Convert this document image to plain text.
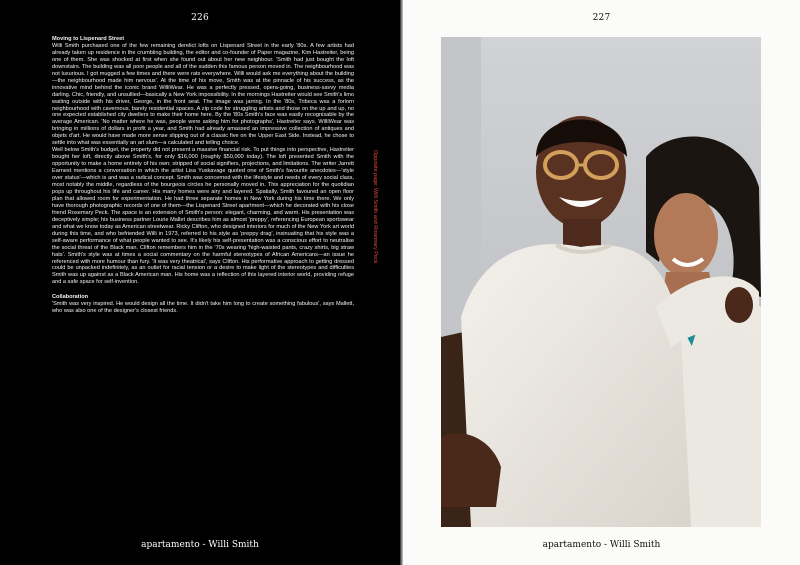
226

Moving to Lispenard Street

Willi Smith purchased one of the few remaining derelict lofts on Lispenard Street in the early '80s. A few artists had already taken up residence in the crumbling building, the editor and co-founder of Paper magazine, Kim Hastreiter, being one of them. She was shocked at first when she found out about her new neighbour. 'Smith had just bought the loft downstairs. The building was all poor people and all of the sudden this famous person moved in. The neighbourhood was not luxurious. I got mugged a few times and there were rats everywhere. Willi would ask me everything about the building—the neighbourhood made him nervous'. At the time of his move, Smith was at the pinnacle of his success, as the innovative mind behind the iconic brand WilliWear. He was a perfectly pressed, opera-going, business-savvy media darling. Chic, friendly, and unsullied—basically a New York impossibility. In the mornings Hastreiter would see Smith's limo waiting outside with his driver, George, in the front seat. The image was jarring. In the '80s, Tribeca was a forlorn neighbourhood with cavernous, barely residential spaces. A zip code for struggling artists and those on the up and up, no one expected established city dwellers to make their home here. By the '80s Smith's face was easily recognisable by the average American. 'No matter where he was, people were asking him for photographs', Hastreiter says. WilliWear was bringing in millions of dollars in profit a year, and Smith had already amassed an impressive collection of antiques and objets d'art. He would have made more sense slipping out of a classic five on the Upper East Side. Instead, he chose to settle into what was essentially an art slum—a calculated and telling choice.

Well below Smith's budget, the property did not present a massive financial risk. To put things into perspective, Hastreiter bought her loft, directly above Smith's, for only $16,000 (roughly $50,000 today). The loft presented Smith with the opportunity to make a home entirely of his own; stripped of social signifiers, projections, and limitations. The writer Jarrett Earnest mentions a conversation in which the artist Lisa Yuskavage quoted one of Smith's favourite anecdotes—'style over status'—which is and was a radical concept. Smith was concerned with the lifestyle and needs of every social class, most notably the middle, regardless of the bourgeois circles he personally moved in. This appreciation for the quotidian pops up throughout his life and career. His many homes were airy and layered. Spatially, Smith favoured an open floor plan that allowed room for experimentation. He had three separate homes in New York during his time there. We only have thorough photographic records of one of them—the Lispenard Street apartment—which he decorated with his close friend Rosemary Peck. The space is an extension of Smith's person: elegant, charming, and warm. His presentation was deceptively simple; his business partner Lourie Mallet describes him as almost 'preppy', referencing European sportswear and what we know today as American streetwear. Ricky Clifton, who designed interiors for much of the New York art world during this time, and who befriended Willi in 1973, referred to his style as 'preppy drag', insinuating that his style was a self-aware performance of what people wanted to see. It's likely his self-presentation was a conscious effort to neutralise the social threat of the Black man. Clifton remembers him in the '70s wearing 'high-waisted pants, crazy shirts, big straw hats'. Smith's style was at times a social commentary on the harmful stereotypes of African Americans—an issue he referenced with more humour than fury. 'It was very theatrical', says Clifton. His performative approach to getting dressed could be unpacked indefinitely, as an outlet for racial tension or a desire to make light of the stereotypes and difficulties Smith was up against as a Black American man. His home was a reflection of this layered interior world, providing refuge and a safe space for self-invention.

Collaboration

'Smith was very inspired. He would design all the time. It didn't take him long to create something fabulous', says Mallett, who was also one of the designer's closest friends.

Opposite page: Willi Smith and Rosemary Peck.
apartamento - Willi Smith
227
apartamento - Willi Smith
